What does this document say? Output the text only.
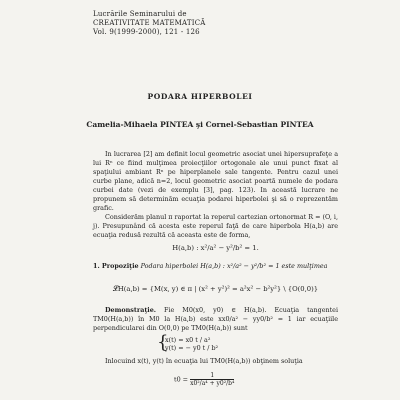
Lucrările Seminarului de
CREATIVITATE MATEMATICĂ
Vol. 9(1999-2000), 121 - 126
PODARA HIPERBOLEI
Camelia-Mihaela PINTEA şi Cornel-Sebastian PINTEA
In lucrarea [2] am definit locul geometric asociat unei hipersuprafeţe a lui Rⁿ ce fiind mulţimea proiecţiilor ortogonale ale unui punct fixat al spaţiului ambiant Rⁿ pe hiperplanele sale tangente. Pentru cazul unei curbe plane, adică n=2, locul geometric asociat poartă numele de podara curbei date (vezi de exemplu [3], pag. 123). In această lucrare ne propunem să determinăm ecuaţia podarei hiperbolei şi să o reprezentăm grafic.
Considerăm planul π raportat la reperul cartezian ortonormat R = (O, i, j). Presupunând că acesta este reperul faţă de care hiperbola H(a,b) are ecuaţia redusă rezultă că aceasta este de forma,
H(a,b) : x²/a² − y²/b² = 1.
1. Propoziţie Podara hiperbolei H(a,b) : x²/a² − y²/b² = 1 este mulţimea
𝓛H(a,b) = {M(x, y) ∈ π | (x² + y²)² = a²x² − b²y²} \ {O(0,0)}
Demonstraţie. Fie M0(x0, y0) ∈ H(a,b). Ecuaţia tangentei TM0(H(a,b)) în M0 la H(a,b) este xx0/a² − yy0/b² = 1 iar ecuaţiile perpendicularei din O(0,0) pe TM0(H(a,b)) sunt
{
x(t) = x0 t / a²
y(t) = − y0 t / b²
Inlocuind x(t), y(t) în ecuaţia lui TM0(H(a,b)) obţinem soluţia
$t0 = \frac{1}{\text{x0²/a⁴ + y0²/b⁴}}$
